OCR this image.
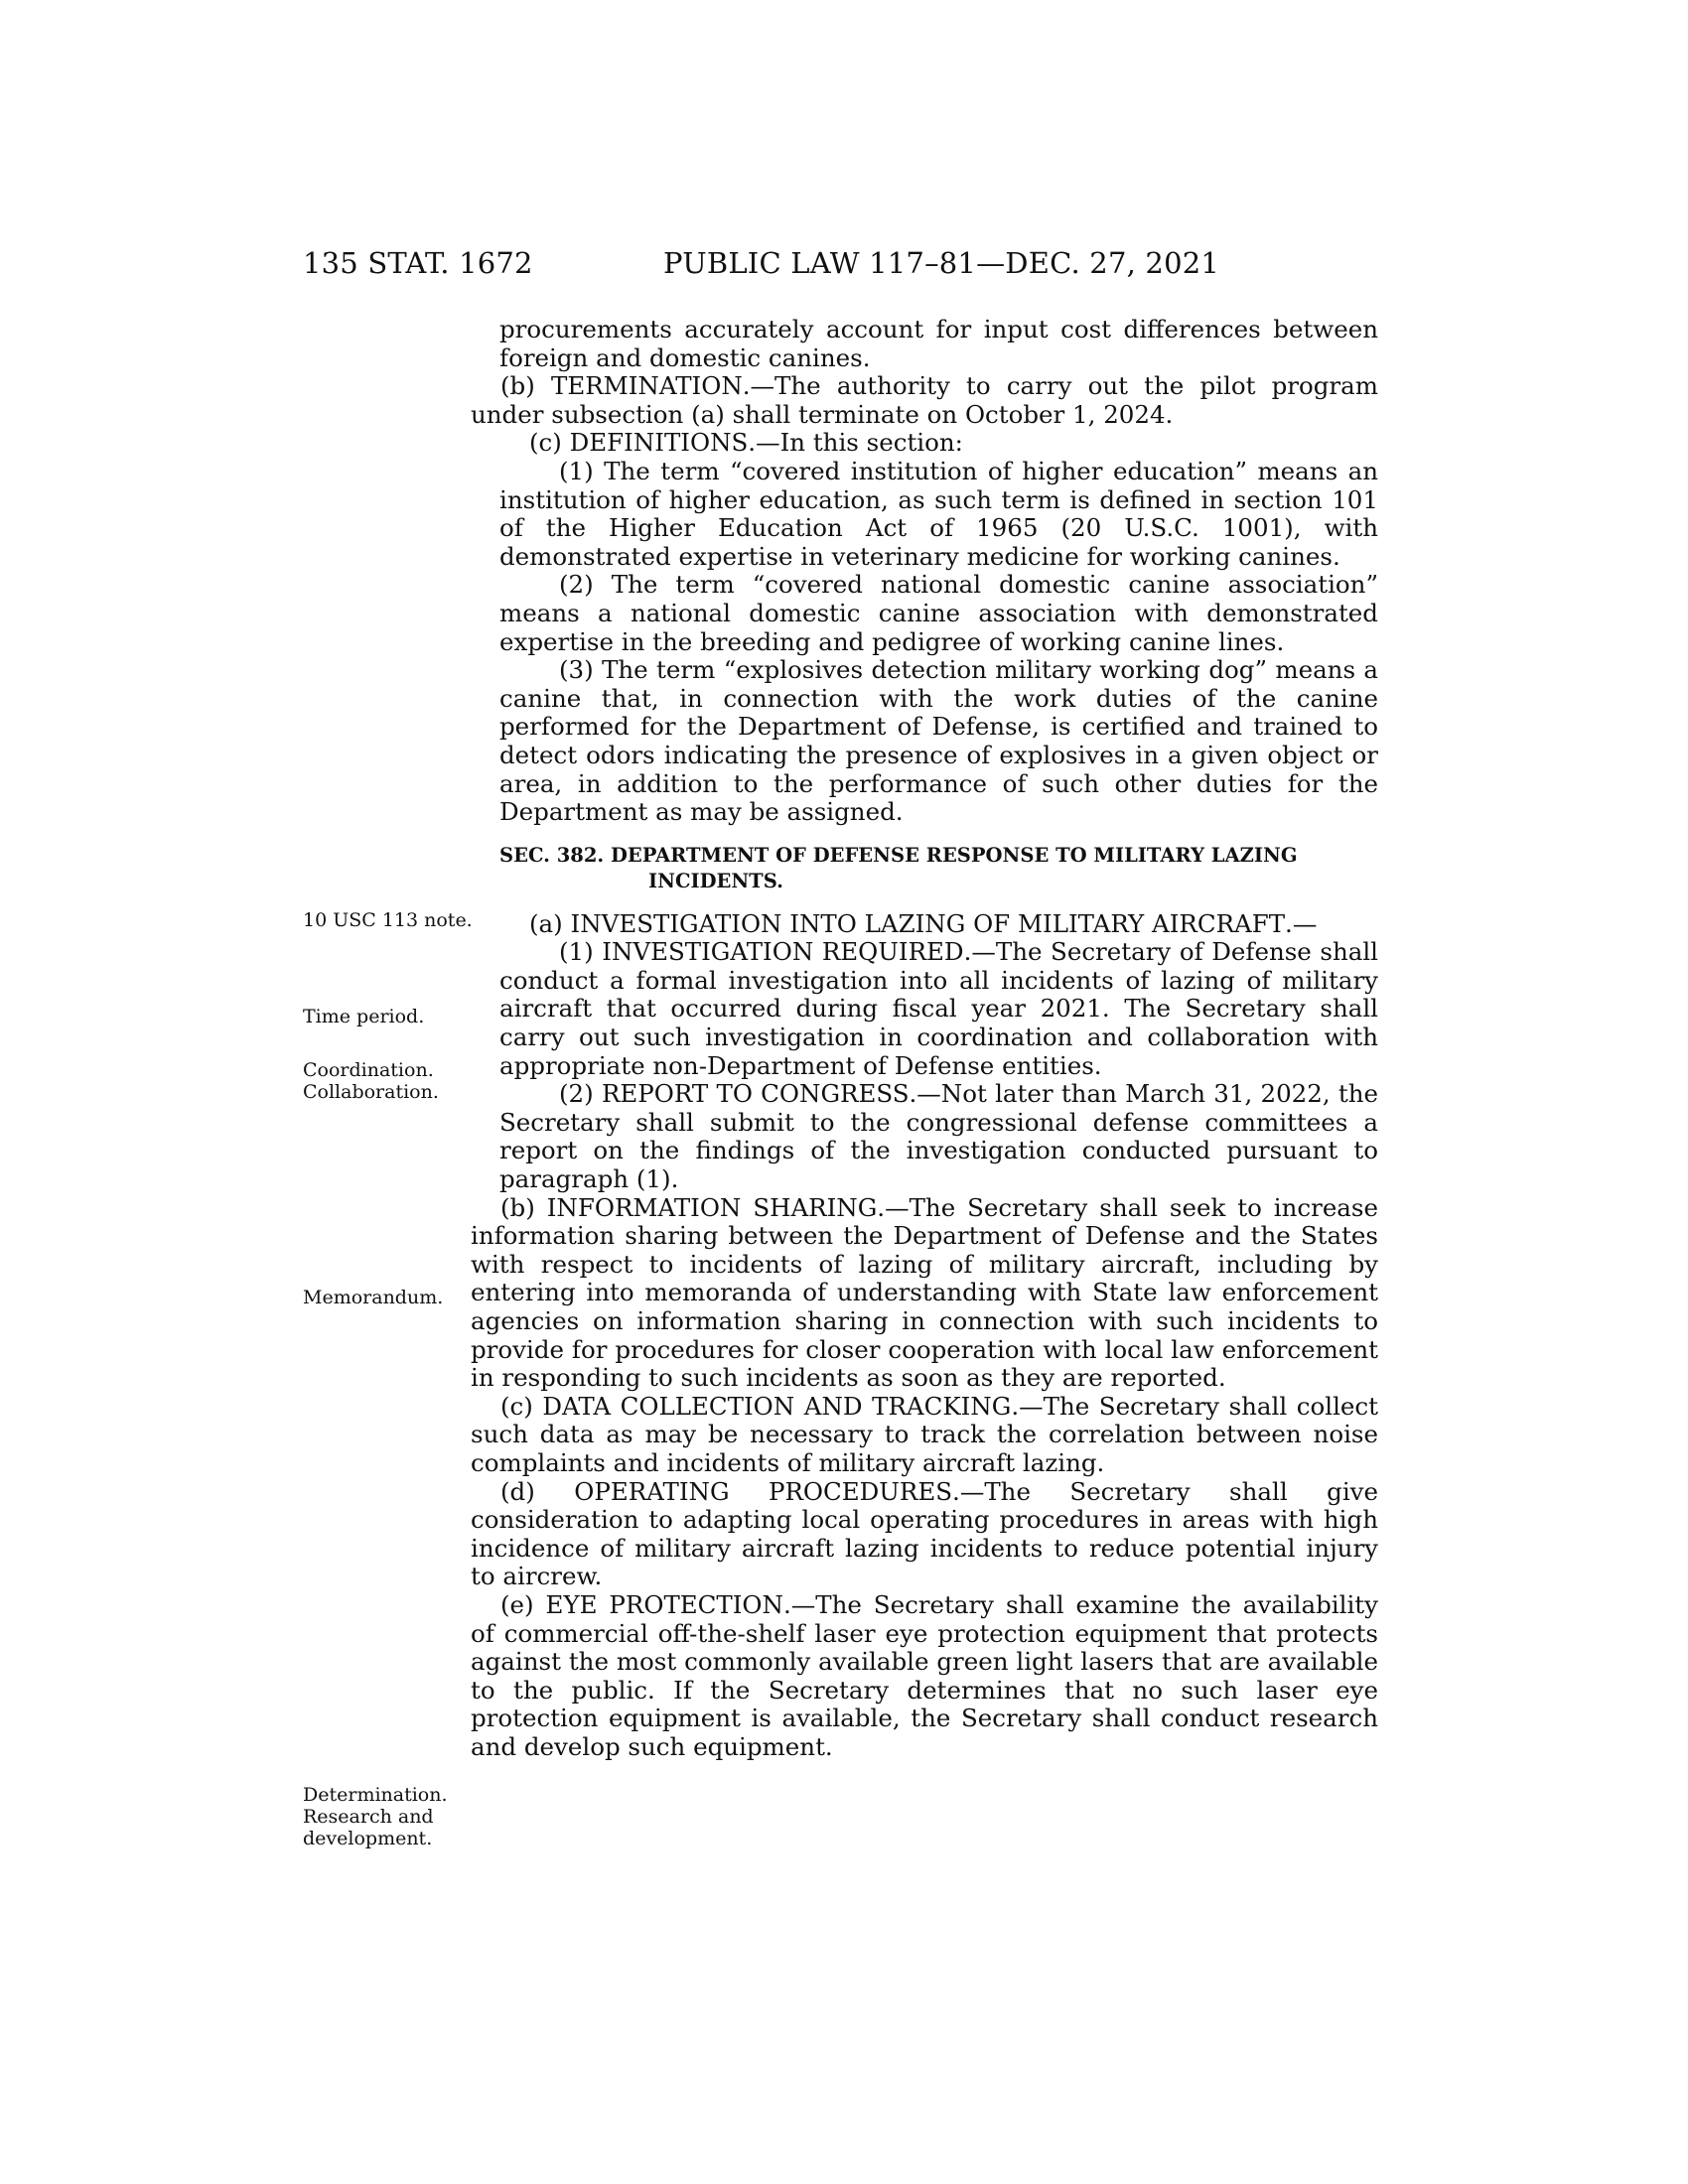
135 STAT. 1672	PUBLIC LAW 117–81—DEC. 27, 2021
10 USC 113 note.
Time period.
Coordination.
Collaboration.
Memorandum.
Determination.
Research and
development.

procurements accurately account for input cost differences between foreign and domestic canines.

(b) TERMINATION.—The authority to carry out the pilot program under subsection (a) shall terminate on October 1, 2024.

(c) DEFINITIONS.—In this section:

(1) The term “covered institution of higher education” means an institution of higher education, as such term is defined in section 101 of the Higher Education Act of 1965 (20 U.S.C. 1001), with demonstrated expertise in veterinary medicine for working canines.

(2) The term “covered national domestic canine association” means a national domestic canine association with demonstrated expertise in the breeding and pedigree of working canine lines.

(3) The term “explosives detection military working dog” means a canine that, in connection with the work duties of the canine performed for the Department of Defense, is certified and trained to detect odors indicating the presence of explosives in a given object or area, in addition to the performance of such other duties for the Department as may be assigned.

SEC. 382. DEPARTMENT OF DEFENSE RESPONSE TO MILITARY LAZING
INCIDENTS.

(a) INVESTIGATION INTO LAZING OF MILITARY AIRCRAFT.—

(1) INVESTIGATION REQUIRED.—The Secretary of Defense shall conduct a formal investigation into all incidents of lazing of military aircraft that occurred during fiscal year 2021. The Secretary shall carry out such investigation in coordination and collaboration with appropriate non-Department of Defense entities.

(2) REPORT TO CONGRESS.—Not later than March 31, 2022, the Secretary shall submit to the congressional defense committees a report on the findings of the investigation conducted pursuant to paragraph (1).

(b) INFORMATION SHARING.—The Secretary shall seek to increase information sharing between the Department of Defense and the States with respect to incidents of lazing of military aircraft, including by entering into memoranda of understanding with State law enforcement agencies on information sharing in connection with such incidents to provide for procedures for closer cooperation with local law enforcement in responding to such incidents as soon as they are reported.

(c) DATA COLLECTION AND TRACKING.—The Secretary shall collect such data as may be necessary to track the correlation between noise complaints and incidents of military aircraft lazing.

(d) OPERATING PROCEDURES.—The Secretary shall give consideration to adapting local operating procedures in areas with high incidence of military aircraft lazing incidents to reduce potential injury to aircrew.

(e) EYE PROTECTION.—The Secretary shall examine the availability of commercial off-the-shelf laser eye protection equipment that protects against the most commonly available green light lasers that are available to the public. If the Secretary determines that no such laser eye protection equipment is available, the Secretary shall conduct research and develop such equipment.
